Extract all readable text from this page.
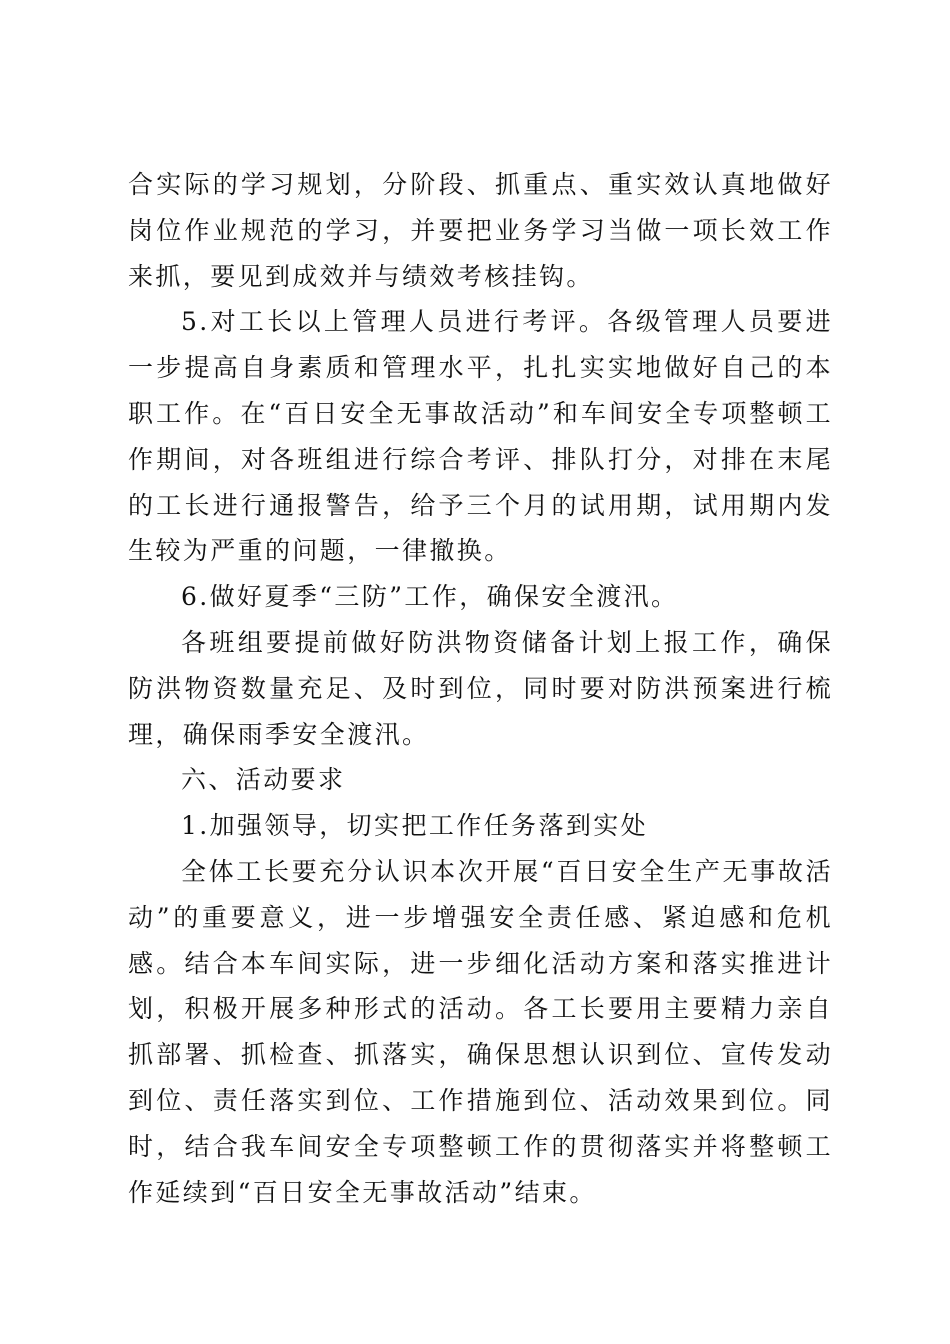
合实际的学习规划，分阶段、抓重点、重实效认真地做好岗位作业规范的学习，并要把业务学习当做一项长效工作来抓，要见到成效并与绩效考核挂钩。

5.对工长以上管理人员进行考评。各级管理人员要进一步提高自身素质和管理水平，扎扎实实地做好自己的本职工作。在“百日安全无事故活动”和车间安全专项整顿工作期间，对各班组进行综合考评、排队打分，对排在末尾的工长进行通报警告，给予三个月的试用期，试用期内发生较为严重的问题，一律撤换。

6.做好夏季“三防”工作，确保安全渡汛。

各班组要提前做好防洪物资储备计划上报工作，确保防洪物资数量充足、及时到位，同时要对防洪预案进行梳理，确保雨季安全渡汛。

六、活动要求

1.加强领导，切实把工作任务落到实处

全体工长要充分认识本次开展“百日安全生产无事故活动”的重要意义，进一步增强安全责任感、紧迫感和危机感。结合本车间实际，进一步细化活动方案和落实推进计划，积极开展多种形式的活动。各工长要用主要精力亲自抓部署、抓检查、抓落实，确保思想认识到位、宣传发动到位、责任落实到位、工作措施到位、活动效果到位。同时，结合我车间安全专项整顿工作的贯彻落实并将整顿工作延续到“百日安全无事故活动”结束。
